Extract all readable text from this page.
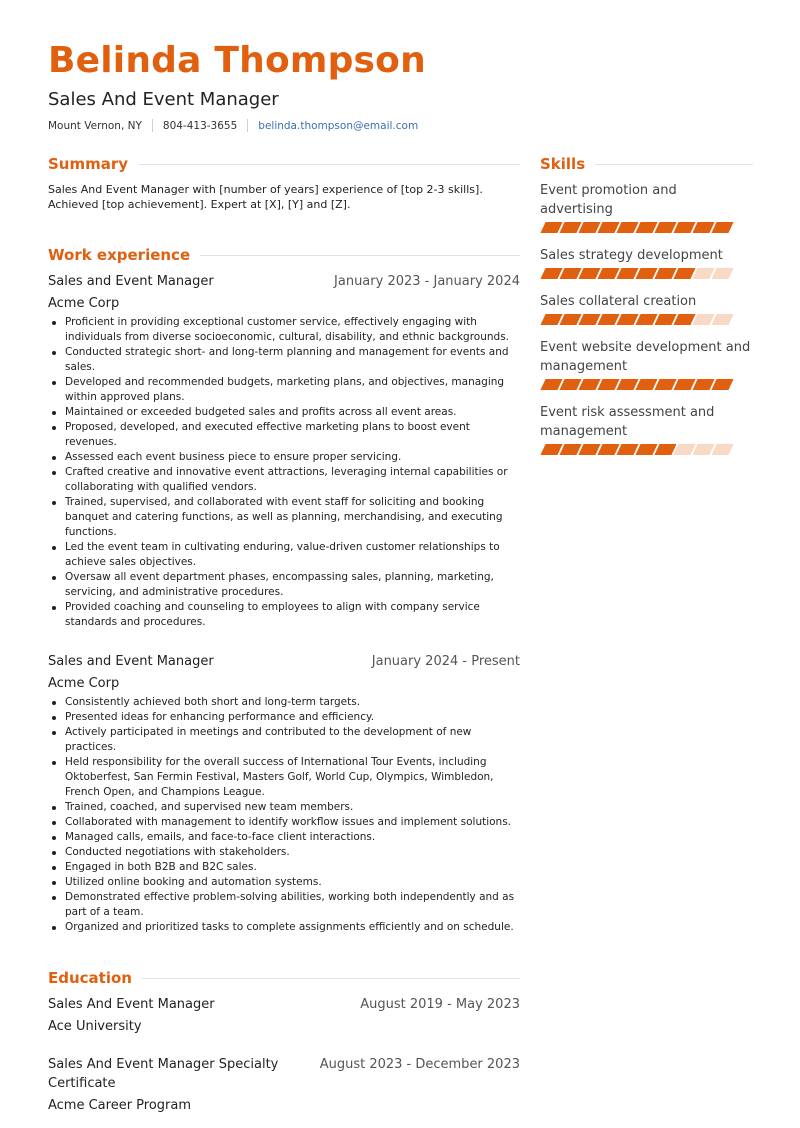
Belinda Thompson
Sales And Event Manager
Mount Vernon, NY 804-413-3655 belinda.thompson@email.com
Summary

Sales And Event Manager with [number of years] experience of [top 2-3 skills]. Achieved [top achievement]. Expert at [X], [Y] and [Z].

Work experience
Sales and Event Manager	January 2023 - January 2024
Acme Corp
Proficient in providing exceptional customer service, effectively engaging with individuals from diverse socioeconomic, cultural, disability, and ethnic backgrounds.
Conducted strategic short- and long-term planning and management for events and sales.
Developed and recommended budgets, marketing plans, and objectives, managing within approved plans.
Maintained or exceeded budgeted sales and profits across all event areas.
Proposed, developed, and executed effective marketing plans to boost event revenues.
Assessed each event business piece to ensure proper servicing.
Crafted creative and innovative event attractions, leveraging internal capabilities or collaborating with qualified vendors.
Trained, supervised, and collaborated with event staff for soliciting and booking banquet and catering functions, as well as planning, merchandising, and executing functions.
Led the event team in cultivating enduring, value-driven customer relationships to achieve sales objectives.
Oversaw all event department phases, encompassing sales, planning, marketing, servicing, and administrative procedures.
Provided coaching and counseling to employees to align with company service standards and procedures.
Sales and Event Manager	January 2024 - Present
Acme Corp
Consistently achieved both short and long-term targets.
Presented ideas for enhancing performance and efficiency.
Actively participated in meetings and contributed to the development of new practices.
Held responsibility for the overall success of International Tour Events, including Oktoberfest, San Fermin Festival, Masters Golf, World Cup, Olympics, Wimbledon, French Open, and Champions League.
Trained, coached, and supervised new team members.
Collaborated with management to identify workflow issues and implement solutions.
Managed calls, emails, and face-to-face client interactions.
Conducted negotiations with stakeholders.
Engaged in both B2B and B2C sales.
Utilized online booking and automation systems.
Demonstrated effective problem-solving abilities, working both independently and as part of a team.
Organized and prioritized tasks to complete assignments efficiently and on schedule.
Education
Sales And Event Manager	August 2019 - May 2023
Ace University
Sales And Event Manager Specialty Certificate
August 2023 - December 2023
Acme Career Program
Skills
Event promotion and advertising
Sales strategy development
Sales collateral creation
Event website development and management
Event risk assessment and management
